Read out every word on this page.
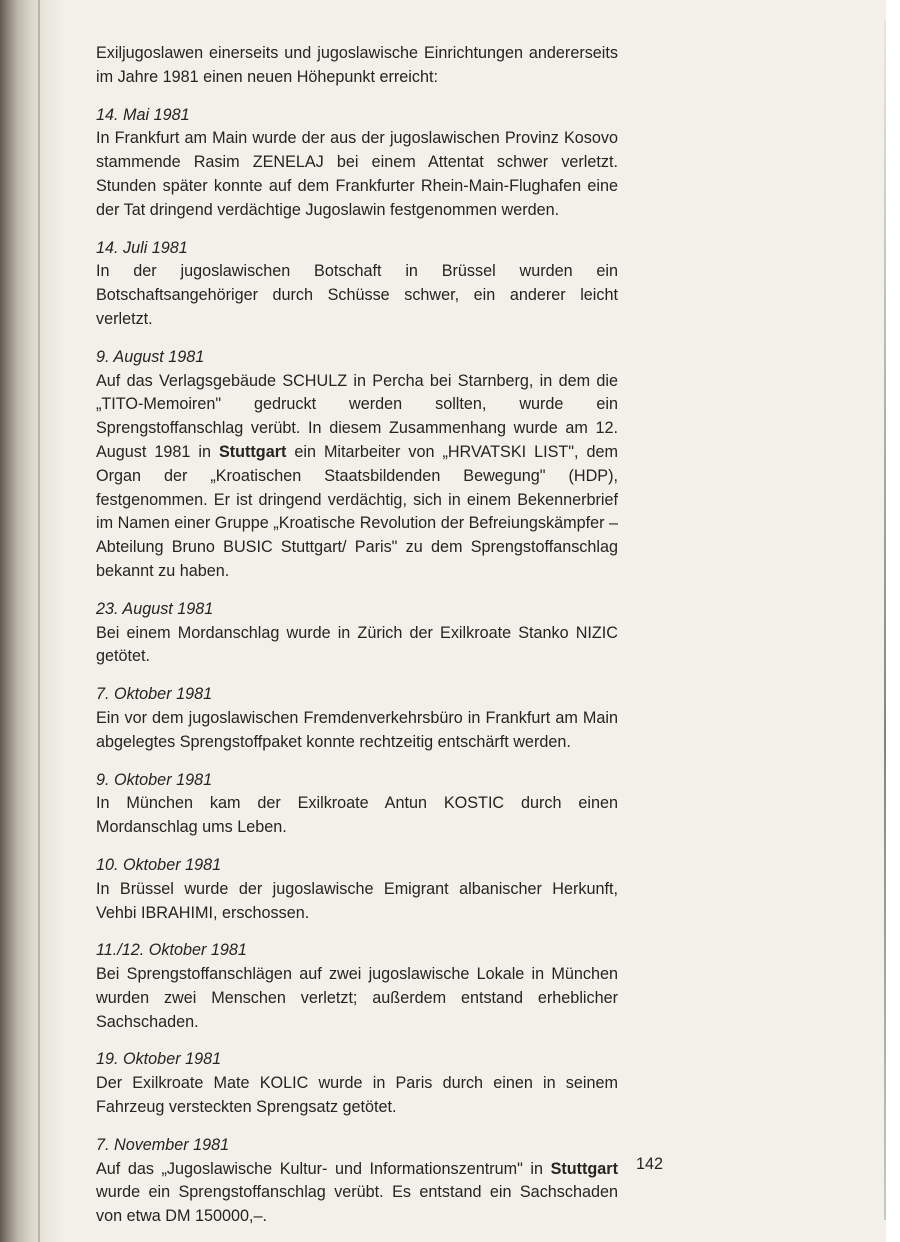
Exiljugoslawen einerseits und jugoslawische Einrichtungen andererseits im Jahre 1981 einen neuen Höhepunkt erreicht:

14. Mai 1981
In Frankfurt am Main wurde der aus der jugoslawischen Provinz Kosovo stammende Rasim ZENELAJ bei einem Attentat schwer verletzt. Stunden später konnte auf dem Frankfurter Rhein-Main-Flughafen eine der Tat dringend verdächtige Jugoslawin festgenommen werden.
14. Juli 1981
In der jugoslawischen Botschaft in Brüssel wurden ein Botschaftsangehöriger durch Schüsse schwer, ein anderer leicht verletzt.
9. August 1981
Auf das Verlagsgebäude SCHULZ in Percha bei Starnberg, in dem die „TITO-Memoiren" gedruckt werden sollten, wurde ein Sprengstoffanschlag verübt. In diesem Zusammenhang wurde am 12. August 1981 in Stuttgart ein Mitarbeiter von „HRVATSKI LIST", dem Organ der „Kroatischen Staatsbildenden Bewegung" (HDP), festgenommen. Er ist dringend verdächtig, sich in einem Bekennerbrief im Namen einer Gruppe „Kroatische Revolution der Befreiungskämpfer – Abteilung Bruno BUSIC Stuttgart/ Paris" zu dem Sprengstoffanschlag bekannt zu haben.
23. August 1981
Bei einem Mordanschlag wurde in Zürich der Exilkroate Stanko NIZIC getötet.
7. Oktober 1981
Ein vor dem jugoslawischen Fremdenverkehrsbüro in Frankfurt am Main abgelegtes Sprengstoffpaket konnte rechtzeitig entschärft werden.
9. Oktober 1981
In München kam der Exilkroate Antun KOSTIC durch einen Mordanschlag ums Leben.
10. Oktober 1981
In Brüssel wurde der jugoslawische Emigrant albanischer Herkunft, Vehbi IBRAHIMI, erschossen.
11./12. Oktober 1981
Bei Sprengstoffanschlägen auf zwei jugoslawische Lokale in München wurden zwei Menschen verletzt; außerdem entstand erheblicher Sachschaden.
19. Oktober 1981
Der Exilkroate Mate KOLIC wurde in Paris durch einen in seinem Fahrzeug versteckten Sprengsatz getötet.
7. November 1981
Auf das „Jugoslawische Kultur- und Informationszentrum" in Stuttgart wurde ein Sprengstoffanschlag verübt. Es entstand ein Sachschaden von etwa DM 150000,–.
142
